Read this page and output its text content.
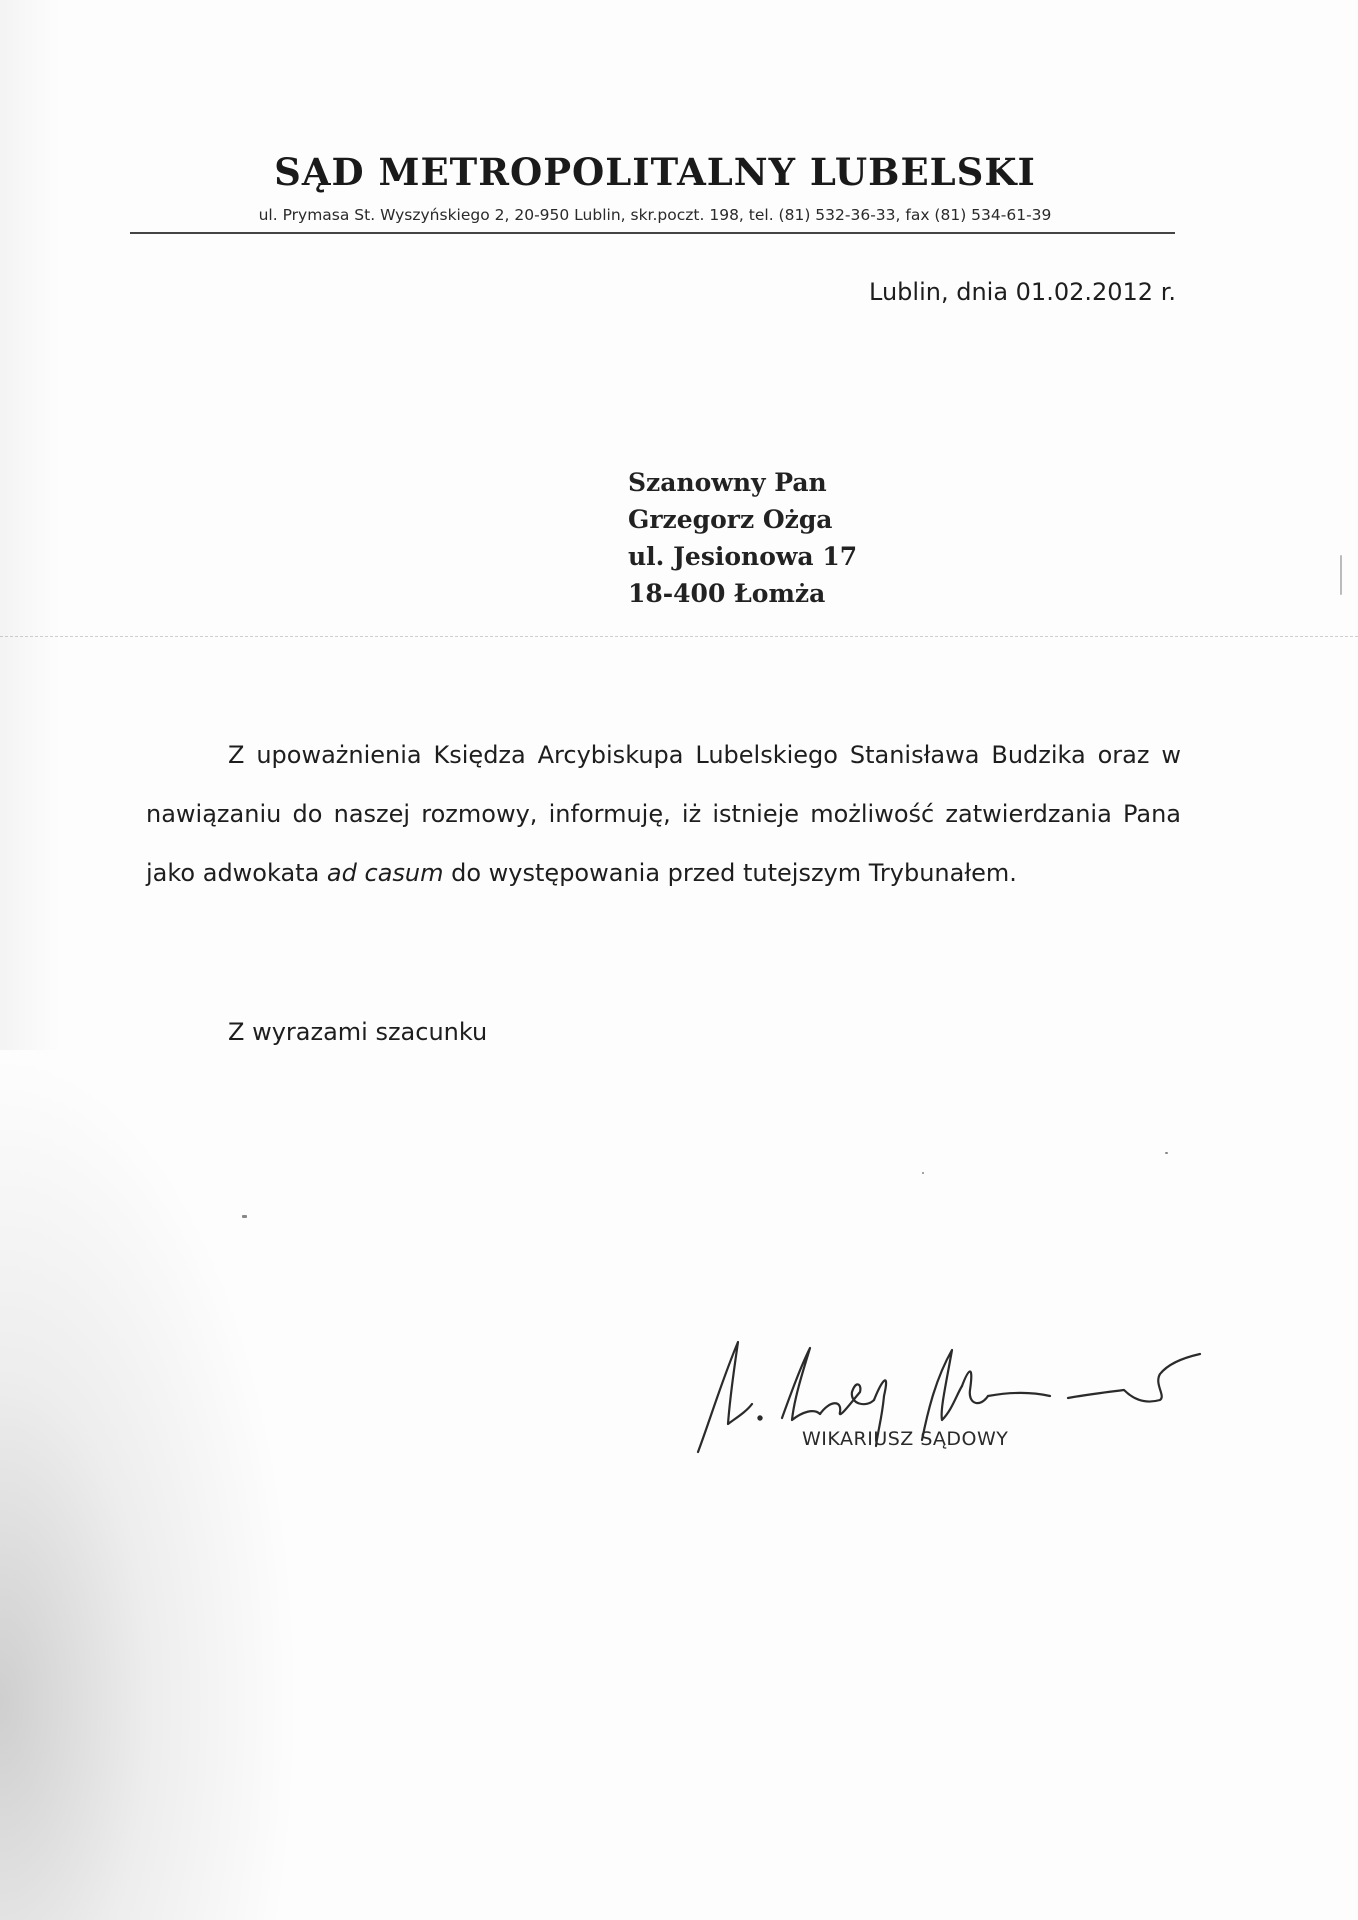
SĄD METROPOLITALNY LUBELSKI
ul. Prymasa St. Wyszyńskiego 2, 20-950 Lublin, skr.poczt. 198, tel. (81) 532-36-33, fax (81) 534-61-39
Lublin, dnia 01.02.2012 r.
Szanowny Pan
Grzegorz Ożga
ul. Jesionowa 17
18-400 Łomża

Z upoważnienia Księdza Arcybiskupa Lubelskiego Stanisława Budzika oraz w nawiązaniu do naszej rozmowy, informuję, iż istnieje możliwość zatwierdzania Pana jako adwokata ad casum do występowania przed tutejszym Trybunałem.

Z wyrazami szacunku
WIKARIUSZ SĄDOWY
